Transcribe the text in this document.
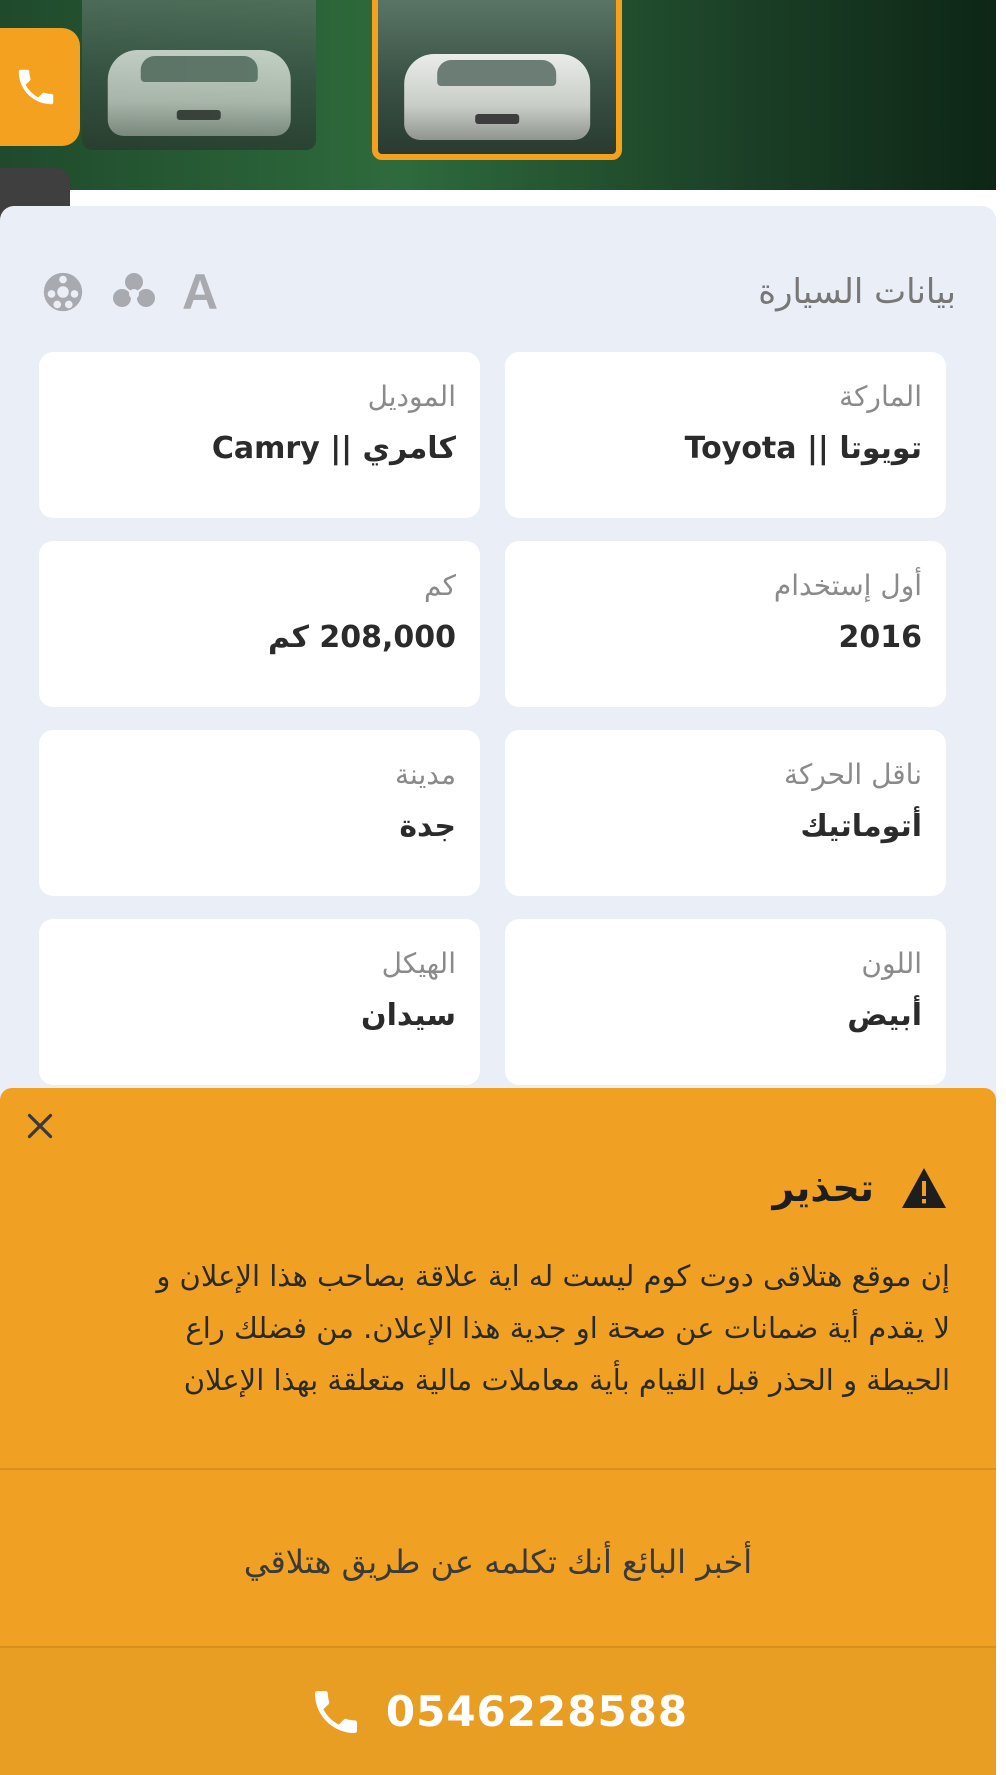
بيانات السيارة
A
الماركة
تويوتا || Toyota
الموديل
كامري || Camry
أول إستخدام
2016
كم
208,000 كم
ناقل الحركة
أتوماتيك
مدينة
جدة
اللون
أبيض
الهيكل
سيدان
تحذير
إن موقع هتلاقى دوت كوم ليست له اية علاقة بصاحب هذا الإعلان و
لا يقدم أية ضمانات عن صحة او جدية هذا الإعلان. من فضلك راع
الحيطة و الحذر قبل القيام بأية معاملات مالية متعلقة بهذا الإعلان
أخبر البائع أنك تكلمه عن طريق هتلاقي
0546228588
